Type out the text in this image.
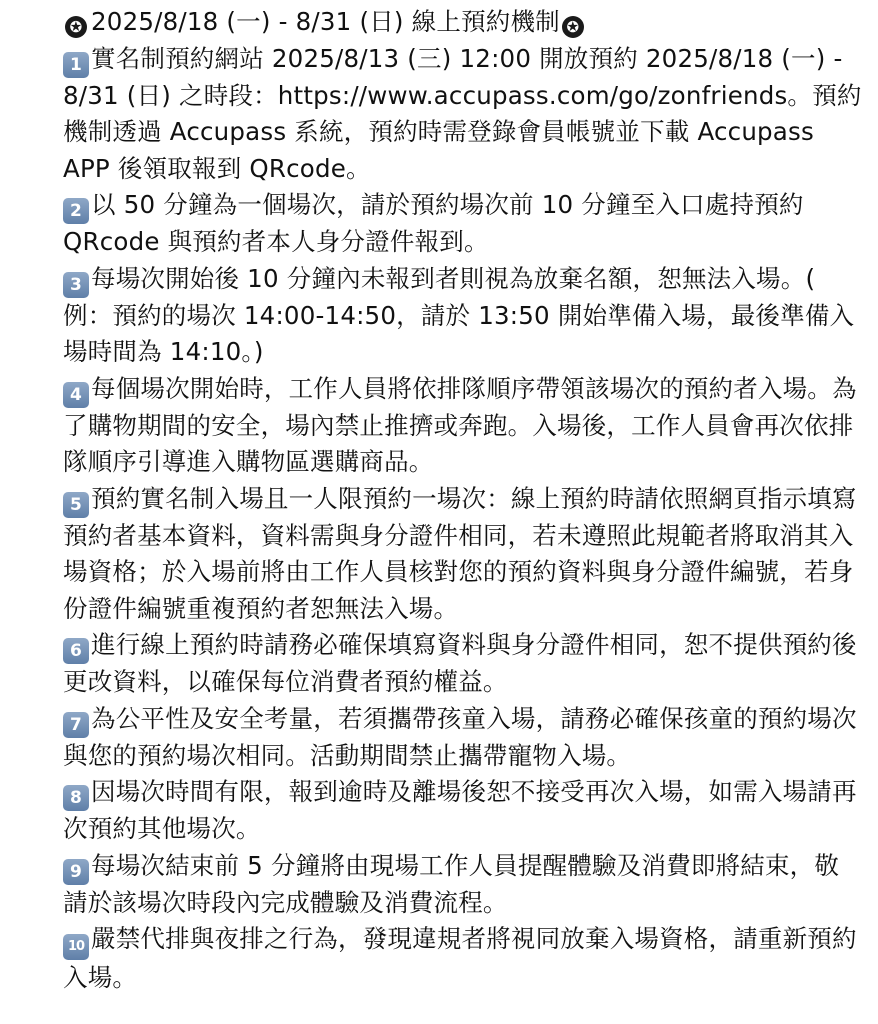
✪ 2025/8/18 (一) - 8/31 (日) 線上預約機制 ✪

1 實名制預約網站 2025/8/13 (三) 12:00 開放預約 2025/8/18 (一) - 8/31 (日) 之時段：https://www.accupass.com/go/zonfriends。預約機制透過 Accupass 系統，預約時需登錄會員帳號並下載 Accupass APP 後領取報到 QRcode。

2 以 50 分鐘為一個場次，請於預約場次前 10 分鐘至入口處持預約 QRcode 與預約者本人身分證件報到。

3 每場次開始後 10 分鐘內未報到者則視為放棄名額，恕無法入場。( 例：預約的場次 14:00-14:50，請於 13:50 開始準備入場，最後準備入場時間為 14:10。)

4 每個場次開始時，工作人員將依排隊順序帶領該場次的預約者入場。為了購物期間的安全，場內禁止推擠或奔跑。入場後，工作人員會再次依排隊順序引導進入購物區選購商品。

5 預約實名制入場且一人限預約一場次：線上預約時請依照網頁指示填寫預約者基本資料，資料需與身分證件相同，若未遵照此規範者將取消其入場資格；於入場前將由工作人員核對您的預約資料與身分證件編號，若身份證件編號重複預約者恕無法入場。

6 進行線上預約時請務必確保填寫資料與身分證件相同，恕不提供預約後更改資料，以確保每位消費者預約權益。

7 為公平性及安全考量，若須攜帶孩童入場，請務必確保孩童的預約場次與您的預約場次相同。活動期間禁止攜帶寵物入場。

8 因場次時間有限，報到逾時及離場後恕不接受再次入場，如需入場請再次預約其他場次。

9 每場次結束前 5 分鐘將由現場工作人員提醒體驗及消費即將結束，敬請於該場次時段內完成體驗及消費流程。

10 嚴禁代排與夜排之行為，發現違規者將視同放棄入場資格，請重新預約入場。
